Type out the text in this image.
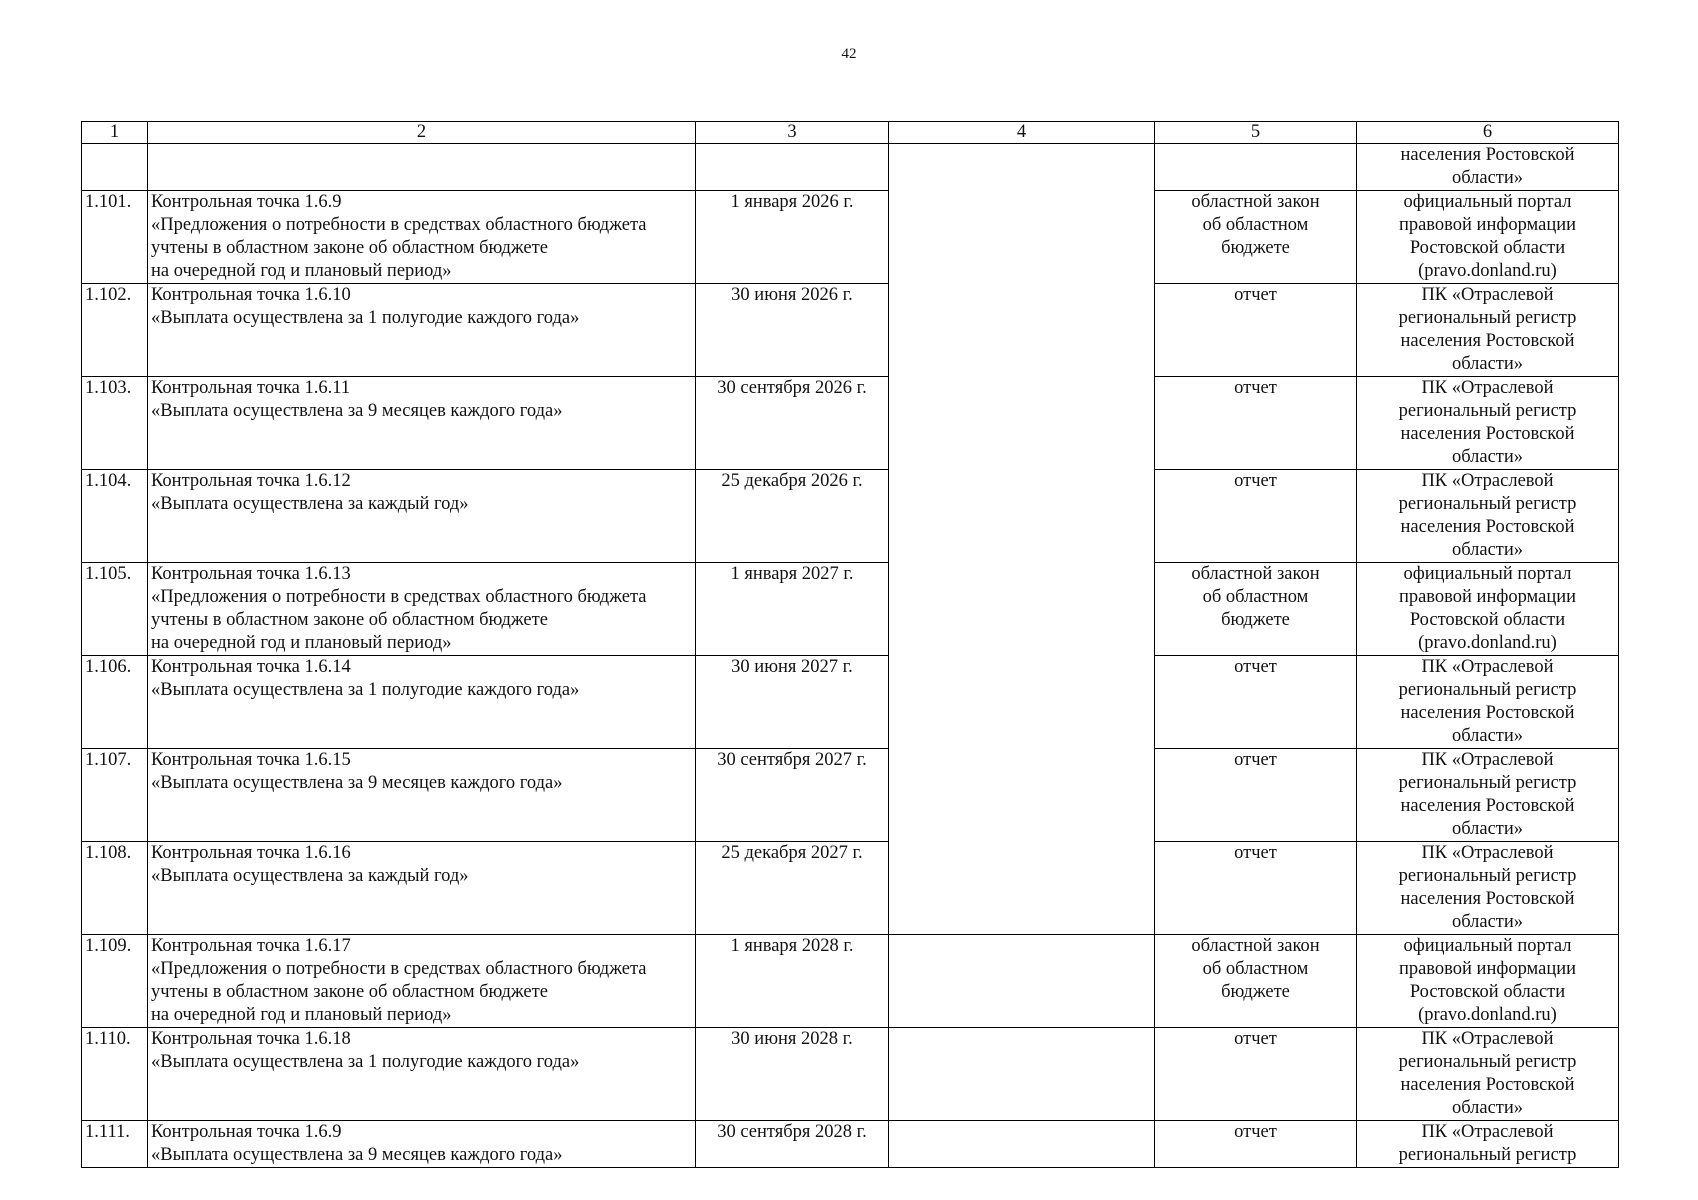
42
1	2	3	4	5	6
					населения Ростовской
области»
1.101.	Контрольная точка 1.6.9
«Предложения о потребности в средствах областного бюджета
учтены в областном законе об областном бюджете
на очередной год и плановый период»	1 января 2026 г.		областной закон
об областном
бюджете	официальный портал
правовой информации
Ростовской области
(pravo.donland.ru)
1.102.	Контрольная точка 1.6.10
«Выплата осуществлена за 1 полугодие каждого года»	30 июня 2026 г.		отчет	ПК «Отраслевой
региональный регистр
населения Ростовской
области»
1.103.	Контрольная точка 1.6.11
«Выплата осуществлена за 9 месяцев каждого года»	30 сентября 2026 г.		отчет	ПК «Отраслевой
региональный регистр
населения Ростовской
области»
1.104.	Контрольная точка 1.6.12
«Выплата осуществлена за каждый год»	25 декабря 2026 г.		отчет	ПК «Отраслевой
региональный регистр
населения Ростовской
области»
1.105.	Контрольная точка 1.6.13
«Предложения о потребности в средствах областного бюджета
учтены в областном законе об областном бюджете
на очередной год и плановый период»	1 января 2027 г.		областной закон
об областном
бюджете	официальный портал
правовой информации
Ростовской области
(pravo.donland.ru)
1.106.	Контрольная точка 1.6.14
«Выплата осуществлена за 1 полугодие каждого года»	30 июня 2027 г.		отчет	ПК «Отраслевой
региональный регистр
населения Ростовской
области»
1.107.	Контрольная точка 1.6.15
«Выплата осуществлена за 9 месяцев каждого года»	30 сентября 2027 г.		отчет	ПК «Отраслевой
региональный регистр
населения Ростовской
области»
1.108.	Контрольная точка 1.6.16
«Выплата осуществлена за каждый год»	25 декабря 2027 г.		отчет	ПК «Отраслевой
региональный регистр
населения Ростовской
области»
1.109.	Контрольная точка 1.6.17
«Предложения о потребности в средствах областного бюджета
учтены в областном законе об областном бюджете
на очередной год и плановый период»	1 января 2028 г.		областной закон
об областном
бюджете	официальный портал
правовой информации
Ростовской области
(pravo.donland.ru)
1.110.	Контрольная точка 1.6.18
«Выплата осуществлена за 1 полугодие каждого года»	30 июня 2028 г.		отчет	ПК «Отраслевой
региональный регистр
населения Ростовской
области»
1.111.	Контрольная точка 1.6.9
«Выплата осуществлена за 9 месяцев каждого года»	30 сентября 2028 г.		отчет	ПК «Отраслевой
региональный регистр
